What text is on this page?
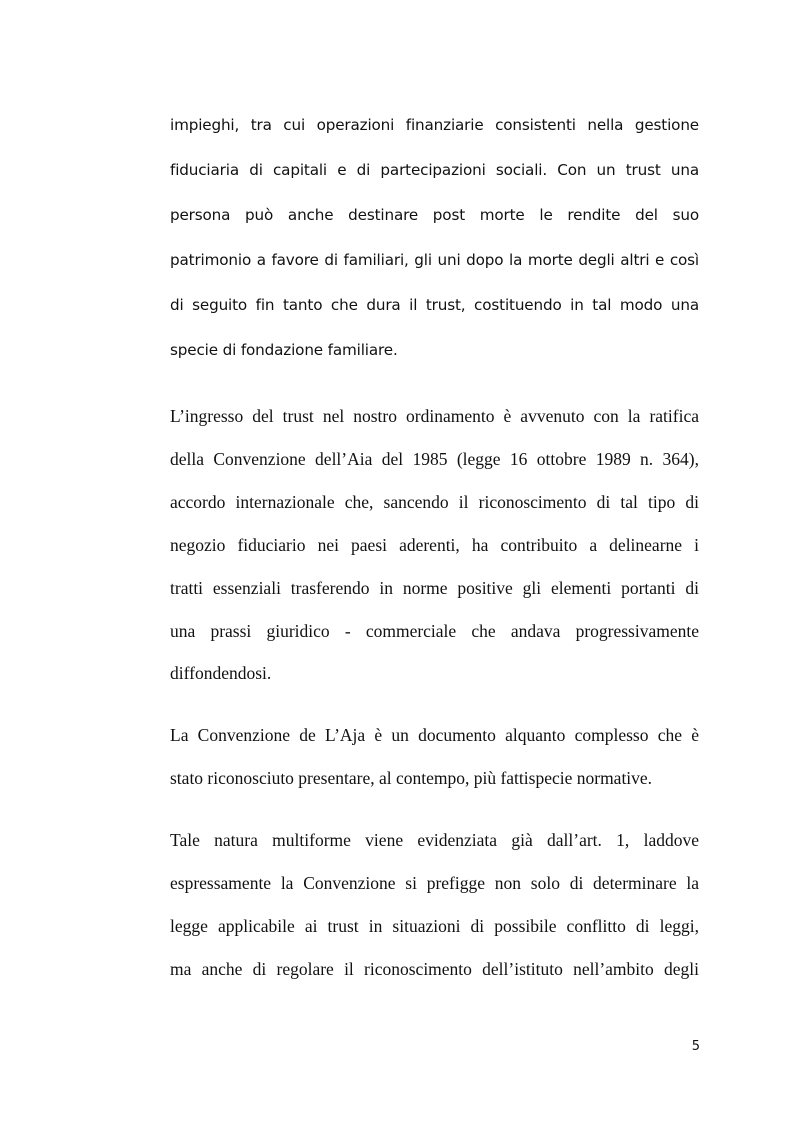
impieghi, tra cui operazioni finanziarie consistenti nella gestione
fiduciaria di capitali e di partecipazioni sociali. Con un trust una
persona può anche destinare post morte le rendite del suo
patrimonio a favore di familiari, gli uni dopo la morte degli altri e così
di seguito fin tanto che dura il trust, costituendo in tal modo una
specie di fondazione familiare.
L’ingresso del trust nel nostro ordinamento è avvenuto con la ratifica
della Convenzione dell’Aia del 1985 (legge 16 ottobre 1989 n. 364),
accordo internazionale che, sancendo il riconoscimento di tal tipo di
negozio fiduciario nei paesi aderenti, ha contribuito a delinearne i
tratti essenziali trasferendo in norme positive gli elementi portanti di
una prassi giuridico - commerciale che andava progressivamente
diffondendosi.
La Convenzione de L’Aja è un documento alquanto complesso che è
stato riconosciuto presentare, al contempo, più fattispecie normative.
Tale natura multiforme viene evidenziata già dall’art. 1, laddove
espressamente la Convenzione si prefigge non solo di determinare la
legge applicabile ai trust in situazioni di possibile conflitto di leggi,
ma anche di regolare il riconoscimento dell’istituto nell’ambito degli
5
